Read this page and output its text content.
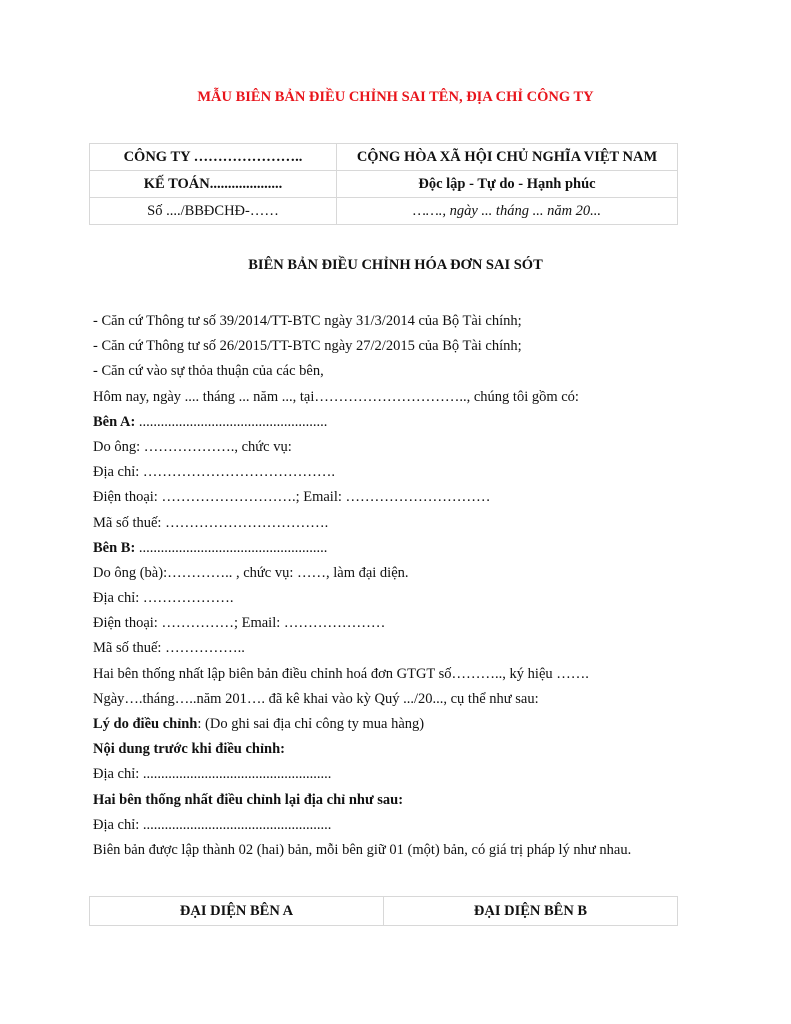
MẪU BIÊN BẢN ĐIỀU CHỈNH SAI TÊN, ĐỊA CHỈ CÔNG TY
CÔNG TY …………………..	CỘNG HÒA XÃ HỘI CHỦ NGHĨA VIỆT NAM
KẾ TOÁN....................	Độc lập - Tự do - Hạnh phúc
Số ..../BBĐCHĐ-……	……., ngày ... tháng ... năm 20...
BIÊN BẢN ĐIỀU CHỈNH HÓA ĐƠN SAI SÓT
- Căn cứ Thông tư số 39/2014/TT-BTC ngày 31/3/2014 của Bộ Tài chính;
- Căn cứ Thông tư số 26/2015/TT-BTC ngày 27/2/2015 của Bộ Tài chính;
- Căn cứ vào sự thỏa thuận của các bên,
Hôm nay, ngày .... tháng ... năm ..., tại………………………….., chúng tôi gồm có:
Bên A: ....................................................
Do ông: ………………., chức vụ:
Địa chỉ: ………………………………….
Điện thoại: ……………………….; Email: …………………………
Mã số thuế: …………………………….
Bên B: ....................................................
Do ông (bà):………….. , chức vụ: ……, làm đại diện.
Địa chỉ: ……………….
Điện thoại: ……………; Email: …………………
Mã số thuế: ……………..
Hai bên thống nhất lập biên bản điều chỉnh hoá đơn GTGT số……….., ký hiệu …….
Ngày….tháng…..năm 201…. đã kê khai vào kỳ Quý .../20..., cụ thể như sau:
Lý do điều chỉnh: (Do ghi sai địa chỉ công ty mua hàng)
Nội dung trước khi điều chỉnh:
Địa chỉ: ....................................................
Hai bên thống nhất điều chỉnh lại địa chỉ như sau:
Địa chỉ: ....................................................
Biên bản được lập thành 02 (hai) bản, mỗi bên giữ 01 (một) bản, có giá trị pháp lý như nhau.
ĐẠI DIỆN BÊN A	ĐẠI DIỆN BÊN B
